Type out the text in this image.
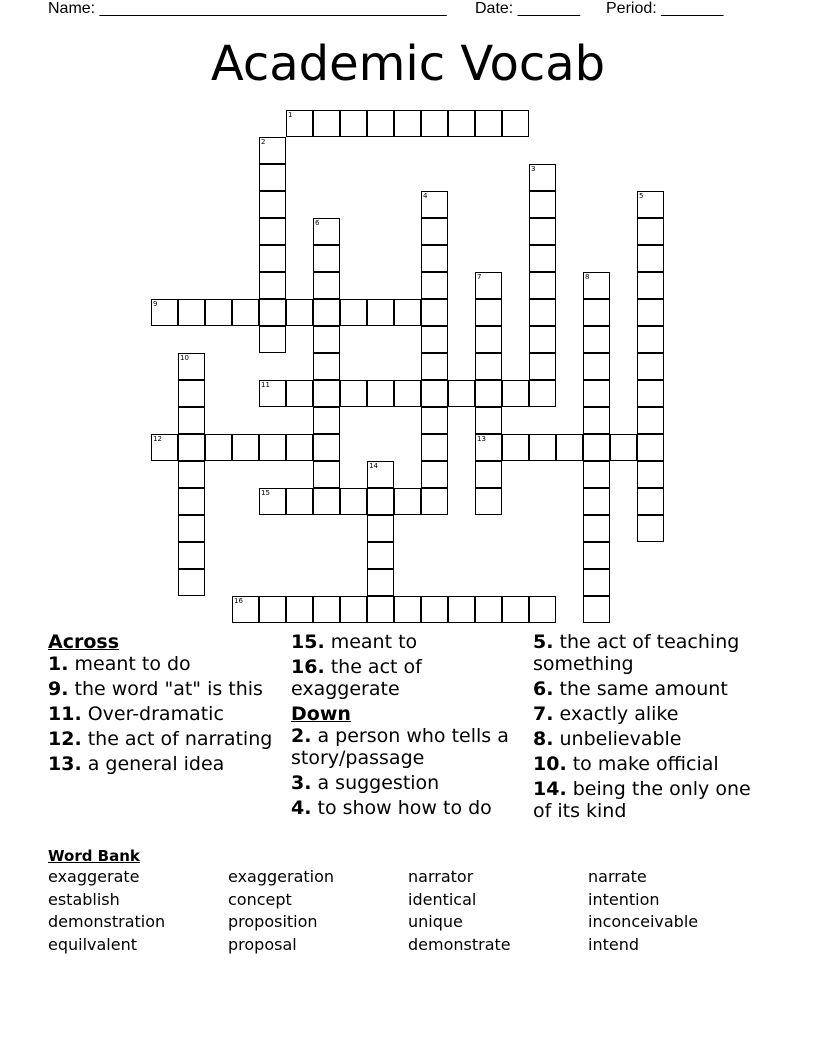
Name: _______________________________________ Date: _______ Period: _______
Academic Vocab
1
9
11
12	13
15
16
2
3
4	5
6
7	8
10
14
Across
1. meant to do
9. the word "at" is this
11. Over-dramatic
12. the act of narrating
13. a general idea
15. meant to
16. the act of exaggerate
Down
2. a person who tells a story/passage
3. a suggestion
4. to show how to do
5. the act of teaching something
6. the same amount
7. exactly alike
8. unbelievable
10. to make official
14. being the only one of its kind
Word Bank
exaggerate
establish
demonstration
equilvalent
exaggeration
concept
proposition
proposal
narrator
identical
unique
demonstrate
narrate
intention
inconceivable
intend
